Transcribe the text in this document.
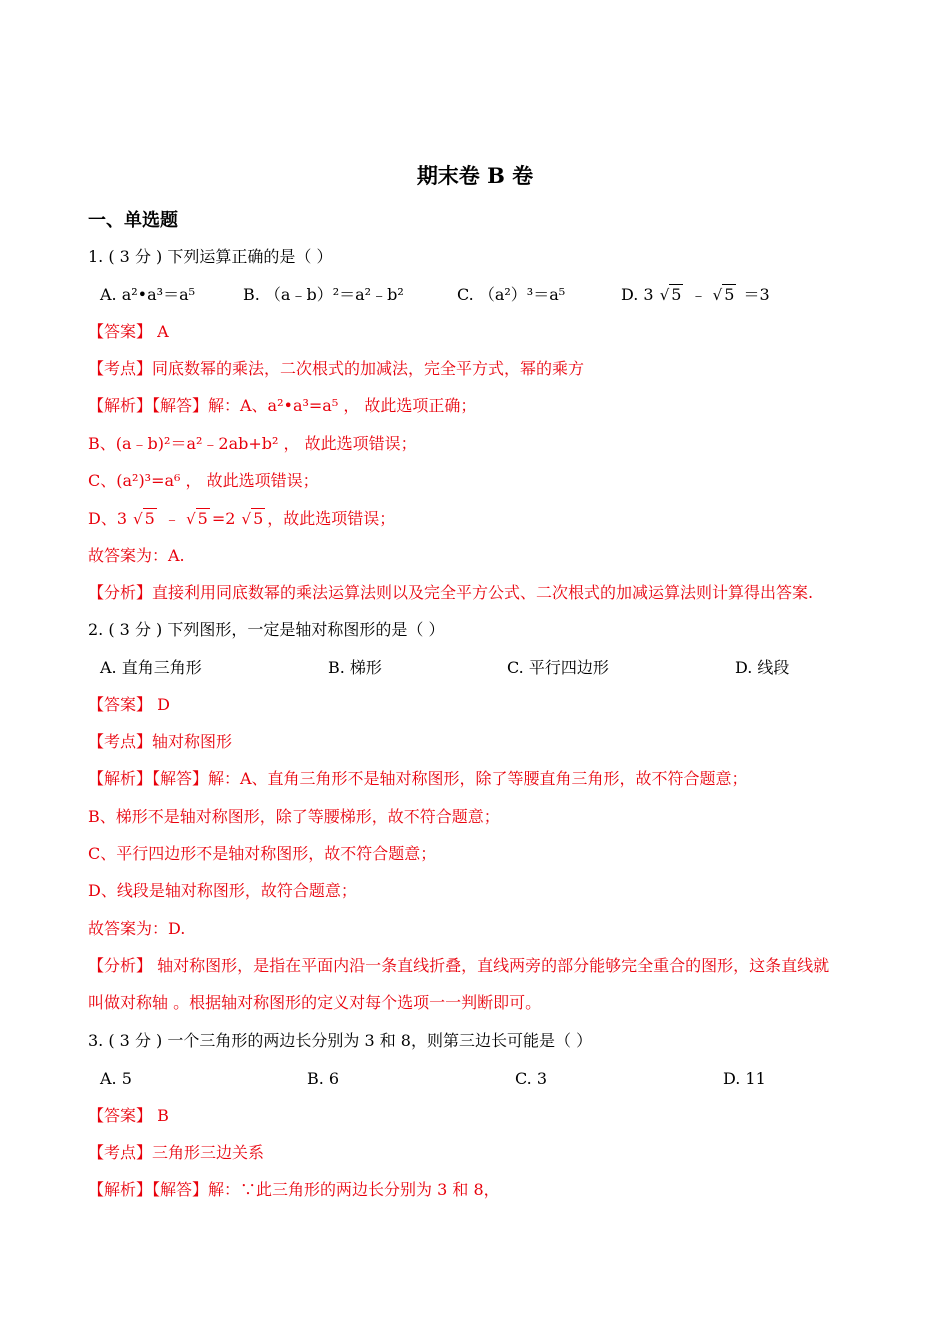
期末卷 B 卷
一、单选题
1. ( 3 分 ) 下列运算正确的是（ ）
A. a²•a³＝a⁵	B. （a﹣b）²＝a²﹣b²	C. （a²）³＝a⁵	D. 3 √ 5 ﹣ √ 5 ＝3
【答案】 A
【考点】同底数幂的乘法，二次根式的加减法，完全平方式，幂的乘方
【解析】【解答】解：A、a²•a³=a⁵ ， 故此选项正确；
B、(a﹣b)²＝a²﹣2ab+b² ， 故此选项错误；
C、(a²)³=a⁶ ， 故此选项错误；
D、3 √ 5 ﹣ √ 5 =2 √ 5 ，故此选项错误；
故答案为：A.
【分析】直接利用同底数幂的乘法运算法则以及完全平方公式、二次根式的加减运算法则计算得出答案.
2. ( 3 分 ) 下列图形，一定是轴对称图形的是（ ）
A. 直角三角形	B. 梯形	C. 平行四边形	D. 线段
【答案】 D
【考点】轴对称图形
【解析】【解答】解：A、直角三角形不是轴对称图形，除了等腰直角三角形，故不符合题意；
B、梯形不是轴对称图形，除了等腰梯形，故不符合题意；
C、平行四边形不是轴对称图形，故不符合题意；
D、线段是轴对称图形，故符合题意；
故答案为：D.
【分析】 轴对称图形，是指在平面内沿一条直线折叠，直线两旁的部分能够完全重合的图形，这条直线就
叫做对称轴 。根据轴对称图形的定义对每个选项一一判断即可。
3. ( 3 分 ) 一个三角形的两边长分别为 3 和 8，则第三边长可能是（ ）
A. 5	B. 6	C. 3	D. 11
【答案】 B
【考点】三角形三边关系
【解析】【解答】解：∵此三角形的两边长分别为 3 和 8，
